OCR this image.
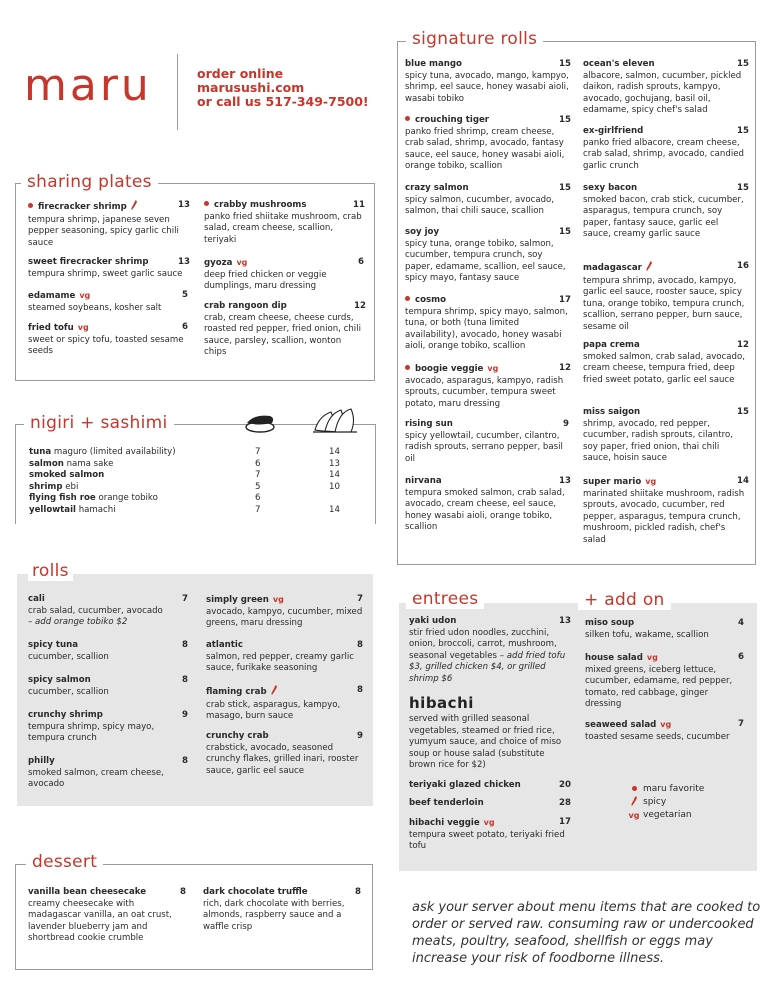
maru	order online
marusushi.com
or call us 517-349-7500!
sharing plates
firecracker shrimp	13
tempura shrimp, japanese seven pepper seasoning, spicy garlic chili sauce
sweet firecracker shrimp	13
tempura shrimp, sweet garlic sauce
edamame vg	5
steamed soybeans, kosher salt
fried tofu vg	6
sweet or spicy tofu, toasted sesame seeds
crabby mushrooms	11
panko fried shiitake mushroom, crab salad, cream cheese, scallion, teriyaki
gyoza vg	6
deep fried chicken or veggie dumplings, maru dressing
crab rangoon dip	12
crab, cream cheese, cheese curds, roasted red pepper, fried onion, chili sauce, parsley, scallion, wonton chips
nigiri + sashimi
tuna maguro (limited availability)	7	14
salmon nama sake	6	13
smoked salmon	7	14
shrimp ebi	5	10
flying fish roe orange tobiko	6
yellowtail hamachi	7	14
rolls
cali	7
crab salad, cucumber, avocado
– add orange tobiko $2
spicy tuna	8
cucumber, scallion
spicy salmon	8
cucumber, scallion
crunchy shrimp	9
tempura shrimp, spicy mayo, tempura crunch
philly	8
smoked salmon, cream cheese, avocado
simply green vg	7
avocado, kampyo, cucumber, mixed greens, maru dressing
atlantic	8
salmon, red pepper, creamy garlic sauce, furikake seasoning
flaming crab	8
crab stick, asparagus, kampyo, masago, burn sauce
crunchy crab	9
crabstick, avocado, seasoned crunchy flakes, grilled inari, rooster sauce, garlic eel sauce
dessert
vanilla bean cheesecake	8
creamy cheesecake with madagascar vanilla, an oat crust, lavender blueberry jam and shortbread cookie crumble
dark chocolate truffle	8
rich, dark chocolate with berries, almonds, raspberry sauce and a waffle crisp
signature rolls
blue mango	15
spicy tuna, avocado, mango, kampyo, shrimp, eel sauce, honey wasabi aioli, wasabi tobiko
crouching tiger	15
panko fried shrimp, cream cheese, crab salad, shrimp, avocado, fantasy sauce, eel sauce, honey wasabi aioli, orange tobiko, scallion
crazy salmon	15
spicy salmon, cucumber, avocado, salmon, thai chili sauce, scallion
soy joy	15
spicy tuna, orange tobiko, salmon, cucumber, tempura crunch, soy paper, edamame, scallion, eel sauce, spicy mayo, fantasy sauce
cosmo	17
tempura shrimp, spicy mayo, salmon, tuna, or both (tuna limited availability), avocado, honey wasabi aioli, orange tobiko, scallion
boogie veggie vg	12
avocado, asparagus, kampyo, radish sprouts, cucumber, tempura sweet potato, maru dressing
rising sun	9
spicy yellowtail, cucumber, cilantro, radish sprouts, serrano pepper, basil oil
nirvana	13
tempura smoked salmon, crab salad, avocado, cream cheese, eel sauce, honey wasabi aioli, orange tobiko, scallion
ocean's eleven	15
albacore, salmon, cucumber, pickled daikon, radish sprouts, kampyo, avocado, gochujang, basil oil, edamame, spicy chef's salad
ex-girlfriend	15
panko fried albacore, cream cheese, crab salad, shrimp, avocado, candied garlic crunch
sexy bacon	15
smoked bacon, crab stick, cucumber, asparagus, tempura crunch, soy paper, fantasy sauce, garlic eel sauce, creamy garlic sauce
madagascar	16
tempura shrimp, avocado, kampyo, garlic eel sauce, rooster sauce, spicy tuna, orange tobiko, tempura crunch, scallion, serrano pepper, burn sauce, sesame oil
papa crema	12
smoked salmon, crab salad, avocado, cream cheese, tempura fried, deep fried sweet potato, garlic eel sauce
miss saigon	15
shrimp, avocado, red pepper, cucumber, radish sprouts, cilantro, soy paper, fried onion, thai chili sauce, hoisin sauce
super mario vg	14
marinated shiitake mushroom, radish sprouts, avocado, cucumber, red pepper, asparagus, tempura crunch, mushroom, pickled radish, chef's salad
entrees	+ add on
yaki udon	13
stir fried udon noodles, zucchini, onion, broccoli, carrot, mushroom, seasonal vegetables – add fried tofu $3, grilled chicken $4, or grilled shrimp $6
hibachi
served with grilled seasonal vegetables, steamed or fried rice, yumyum sauce, and choice of miso soup or house salad (substitute brown rice for $2)
teriyaki glazed chicken	20
beef tenderloin	28
hibachi veggie vg	17
tempura sweet potato, teriyaki fried tofu
miso soup	4
silken tofu, wakame, scallion
house salad vg	6
mixed greens, iceberg lettuce, cucumber, edamame, red pepper, tomato, red cabbage, ginger dressing
seaweed salad vg	7
toasted sesame seeds, cucumber
maru favorite
spicy
vg vegetarian
ask your server about menu items that are cooked to order or served raw. consuming raw or undercooked meats, poultry, seafood, shellfish or eggs may increase your risk of foodborne illness.
